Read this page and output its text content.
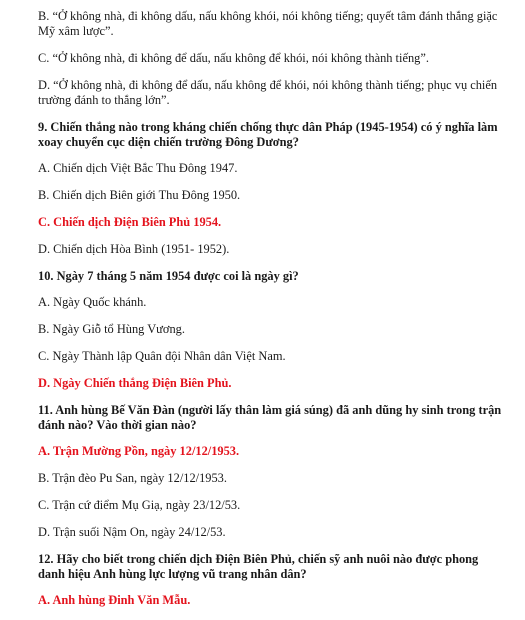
B. “Ở không nhà, đi không dấu, nấu không khói, nói không tiếng; quyết tâm đánh thắng giặc Mỹ xâm lược”.

C. “Ở không nhà, đi không để dấu, nấu không để khói, nói không thành tiếng”.

D. “Ở không nhà, đi không để dấu, nấu không để khói, nói không thành tiếng; phục vụ chiến trường đánh to thắng lớn”.

9. Chiến thắng nào trong kháng chiến chống thực dân Pháp (1945-1954) có ý nghĩa làm xoay chuyển cục diện chiến trường Đông Dương?

A. Chiến dịch Việt Bắc Thu Đông 1947.

B. Chiến dịch Biên giới Thu Đông 1950.

C. Chiến dịch Điện Biên Phủ 1954.

D. Chiến dịch Hòa Bình (1951- 1952).

10. Ngày 7 tháng 5 năm 1954 được coi là ngày gì?

A. Ngày Quốc khánh.

B. Ngày Giỗ tổ Hùng Vương.

C. Ngày Thành lập Quân đội Nhân dân Việt Nam.

D. Ngày Chiến thắng Điện Biên Phủ.

11. Anh hùng Bế Văn Đàn (người lấy thân làm giá súng) đã anh dũng hy sinh trong trận đánh nào? Vào thời gian nào?

A. Trận Mường Pồn, ngày 12/12/1953.

B. Trận đèo Pu San, ngày 12/12/1953.

C. Trận cứ điểm Mụ Giạ, ngày 23/12/53.

D. Trận suối Nậm On, ngày 24/12/53.

12. Hãy cho biết trong chiến dịch Điện Biên Phủ, chiến sỹ anh nuôi nào được phong danh hiệu Anh hùng lực lượng vũ trang nhân dân?

A. Anh hùng Đinh Văn Mẫu.
